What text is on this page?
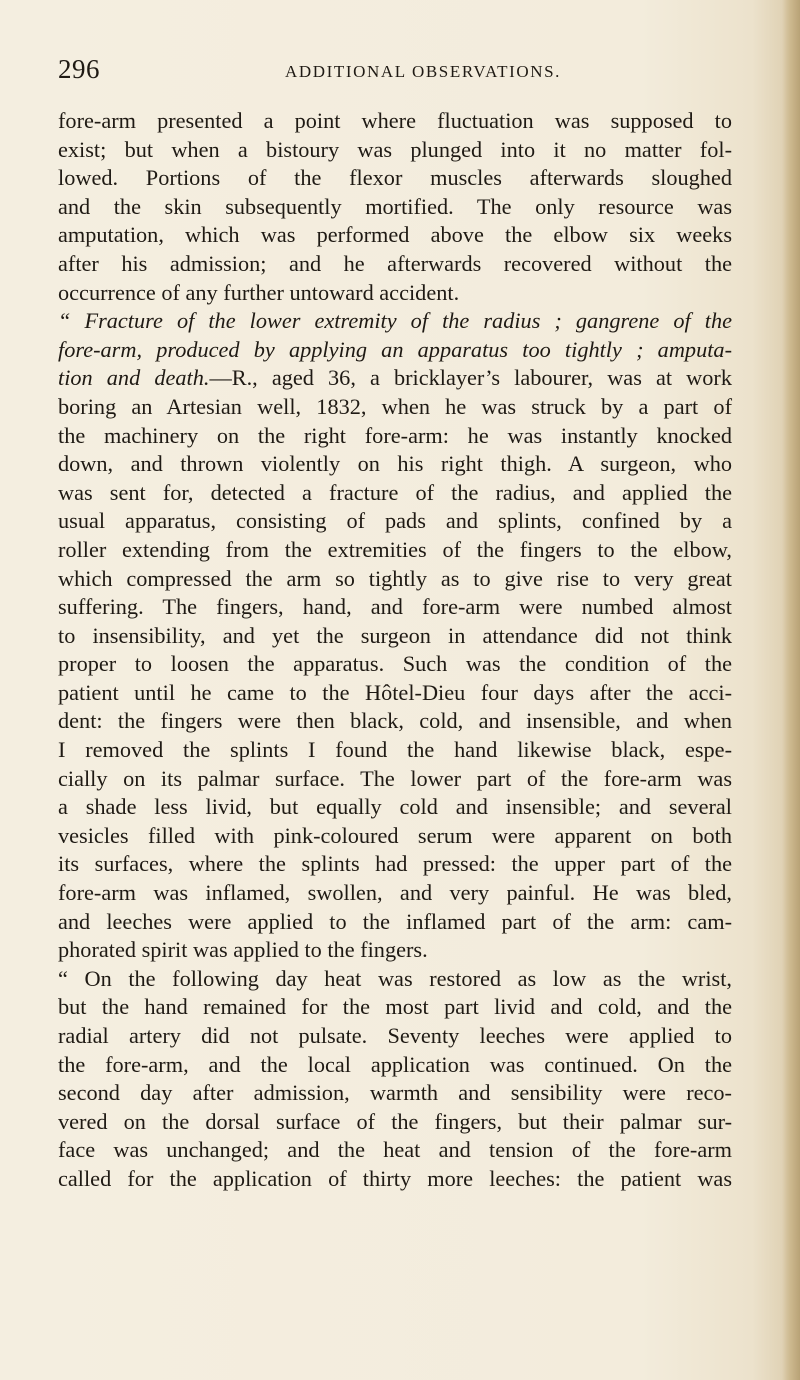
296	ADDITIONAL OBSERVATIONS.
fore-arm presented a point where fluctuation was supposed to
exist; but when a bistoury was plunged into it no matter fol-
lowed. Portions of the flexor muscles afterwards sloughed
and the skin subsequently mortified. The only resource was
amputation, which was performed above the elbow six weeks
after his admission; and he afterwards recovered without the
occurrence of any further untoward accident.
“ Fracture of the lower extremity of the radius ; gangrene of the
fore-arm, produced by applying an apparatus too tightly ; amputa-
tion and death.—R., aged 36, a bricklayer’s labourer, was at work
boring an Artesian well, 1832, when he was struck by a part of
the machinery on the right fore-arm: he was instantly knocked
down, and thrown violently on his right thigh. A surgeon, who
was sent for, detected a fracture of the radius, and applied the
usual apparatus, consisting of pads and splints, confined by a
roller extending from the extremities of the fingers to the elbow,
which compressed the arm so tightly as to give rise to very great
suffering. The fingers, hand, and fore-arm were numbed almost
to insensibility, and yet the surgeon in attendance did not think
proper to loosen the apparatus. Such was the condition of the
patient until he came to the Hôtel-Dieu four days after the acci-
dent: the fingers were then black, cold, and insensible, and when
I removed the splints I found the hand likewise black, espe-
cially on its palmar surface. The lower part of the fore-arm was
a shade less livid, but equally cold and insensible; and several
vesicles filled with pink-coloured serum were apparent on both
its surfaces, where the splints had pressed: the upper part of the
fore-arm was inflamed, swollen, and very painful. He was bled,
and leeches were applied to the inflamed part of the arm: cam-
phorated spirit was applied to the fingers.
“ On the following day heat was restored as low as the wrist,
but the hand remained for the most part livid and cold, and the
radial artery did not pulsate. Seventy leeches were applied to
the fore-arm, and the local application was continued. On the
second day after admission, warmth and sensibility were reco-
vered on the dorsal surface of the fingers, but their palmar sur-
face was unchanged; and the heat and tension of the fore-arm
called for the application of thirty more leeches: the patient was
